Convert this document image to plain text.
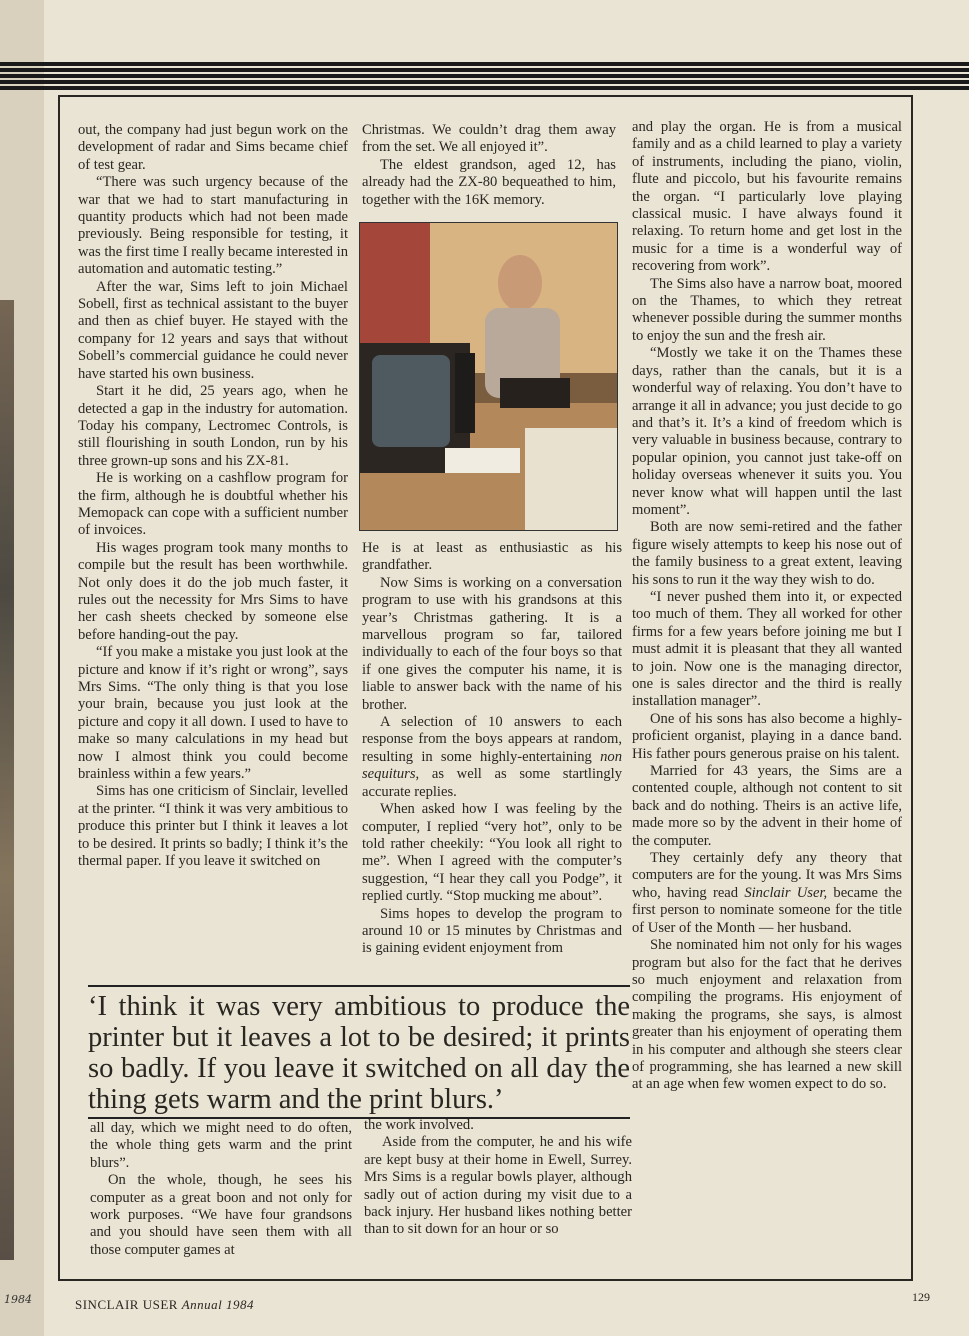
1984

out, the company had just begun work on the development of radar and Sims became chief of test gear.

“There was such urgency because of the war that we had to start manufacturing in quantity products which had not been made previously. Being responsible for testing, it was the first time I really became interested in automation and automatic testing.”

After the war, Sims left to join Michael Sobell, first as technical assistant to the buyer and then as chief buyer. He stayed with the company for 12 years and says that without Sobell’s commercial guidance he could never have started his own business.

Start it he did, 25 years ago, when he detected a gap in the industry for automation. Today his company, Lectromec Controls, is still flourishing in south London, run by his three grown-up sons and his ZX-81.

He is working on a cashflow program for the firm, although he is doubtful whether his Memopack can cope with a sufficient number of invoices.

His wages program took many months to compile but the result has been worthwhile. Not only does it do the job much faster, it rules out the necessity for Mrs Sims to have her cash sheets checked by someone else before handing-out the pay.

“If you make a mistake you just look at the picture and know if it’s right or wrong”, says Mrs Sims. “The only thing is that you lose your brain, because you just look at the picture and copy it all down. I used to have to make so many calculations in my head but now I almost think you could become brainless within a few years.”

Sims has one criticism of Sinclair, levelled at the printer. “I think it was very ambitious to produce this printer but I think it leaves a lot to be desired. It prints so badly; I think it’s the thermal paper. If you leave it switched on

Christmas. We couldn’t drag them away from the set. We all enjoyed it”.

The eldest grandson, aged 12, has already had the ZX-80 bequeathed to him, together with the 16K memory.

He is at least as enthusiastic as his grandfather.

Now Sims is working on a conversation program to use with his grandsons at this year’s Christmas gathering. It is a marvellous program so far, tailored individually to each of the four boys so that if one gives the computer his name, it is liable to answer back with the name of his brother.

A selection of 10 answers to each response from the boys appears at random, resulting in some highly-entertaining non sequiturs, as well as some startlingly accurate replies.

When asked how I was feeling by the computer, I replied “very hot”, only to be told rather cheekily: “You look all right to me”. When I agreed with the computer’s suggestion, “I hear they call you Podge”, it replied curtly. “Stop mucking me about”.

Sims hopes to develop the program to around 10 or 15 minutes by Christmas and is gaining evident enjoyment from

and play the organ. He is from a musical family and as a child learned to play a variety of instruments, including the piano, violin, flute and piccolo, but his favourite remains the organ. “I particularly love playing classical music. I have always found it relaxing. To return home and get lost in the music for a time is a wonderful way of recovering from work”.

The Sims also have a narrow boat, moored on the Thames, to which they retreat whenever possible during the summer months to enjoy the sun and the fresh air.

“Mostly we take it on the Thames these days, rather than the canals, but it is a wonderful way of relaxing. You don’t have to arrange it all in advance; you just decide to go and that’s it. It’s a kind of freedom which is very valuable in business because, contrary to popular opinion, you cannot just take-off on holiday overseas whenever it suits you. You never know what will happen until the last moment”.

Both are now semi-retired and the father figure wisely attempts to keep his nose out of the family business to a great extent, leaving his sons to run it the way they wish to do.

“I never pushed them into it, or expected too much of them. They all worked for other firms for a few years before joining me but I must admit it is pleasant that they all wanted to join. Now one is the managing director, one is sales director and the third is really installation manager”.

One of his sons has also become a highly-proficient organist, playing in a dance band. His father pours generous praise on his talent.

Married for 43 years, the Sims are a contented couple, although not content to sit back and do nothing. Theirs is an active life, made more so by the advent in their home of the computer.

They certainly defy any theory that computers are for the young. It was Mrs Sims who, having read Sinclair User, became the first person to nominate someone for the title of User of the Month — her husband.

She nominated him not only for his wages program but also for the fact that he derives so much enjoyment and relaxation from compiling the programs. His enjoyment of making the programs, she says, is almost greater than his enjoyment of operating them in his computer and although she steers clear of programming, she has learned a new skill at an age when few women expect to do so.

‘I think it was very ambitious to produce the printer but it leaves a lot to be desired; it prints so badly. If you leave it switched on all day the thing gets warm and the print blurs.’

all day, which we might need to do often, the whole thing gets warm and the print blurs”.

On the whole, though, he sees his computer as a great boon and not only for work purposes. “We have four grandsons and you should have seen them with all those computer games at

the work involved.

Aside from the computer, he and his wife are kept busy at their home in Ewell, Surrey. Mrs Sims is a regular bowls player, although sadly out of action during my visit due to a back injury. Her husband likes nothing better than to sit down for an hour or so

SINCLAIR USER Annual 1984	129
